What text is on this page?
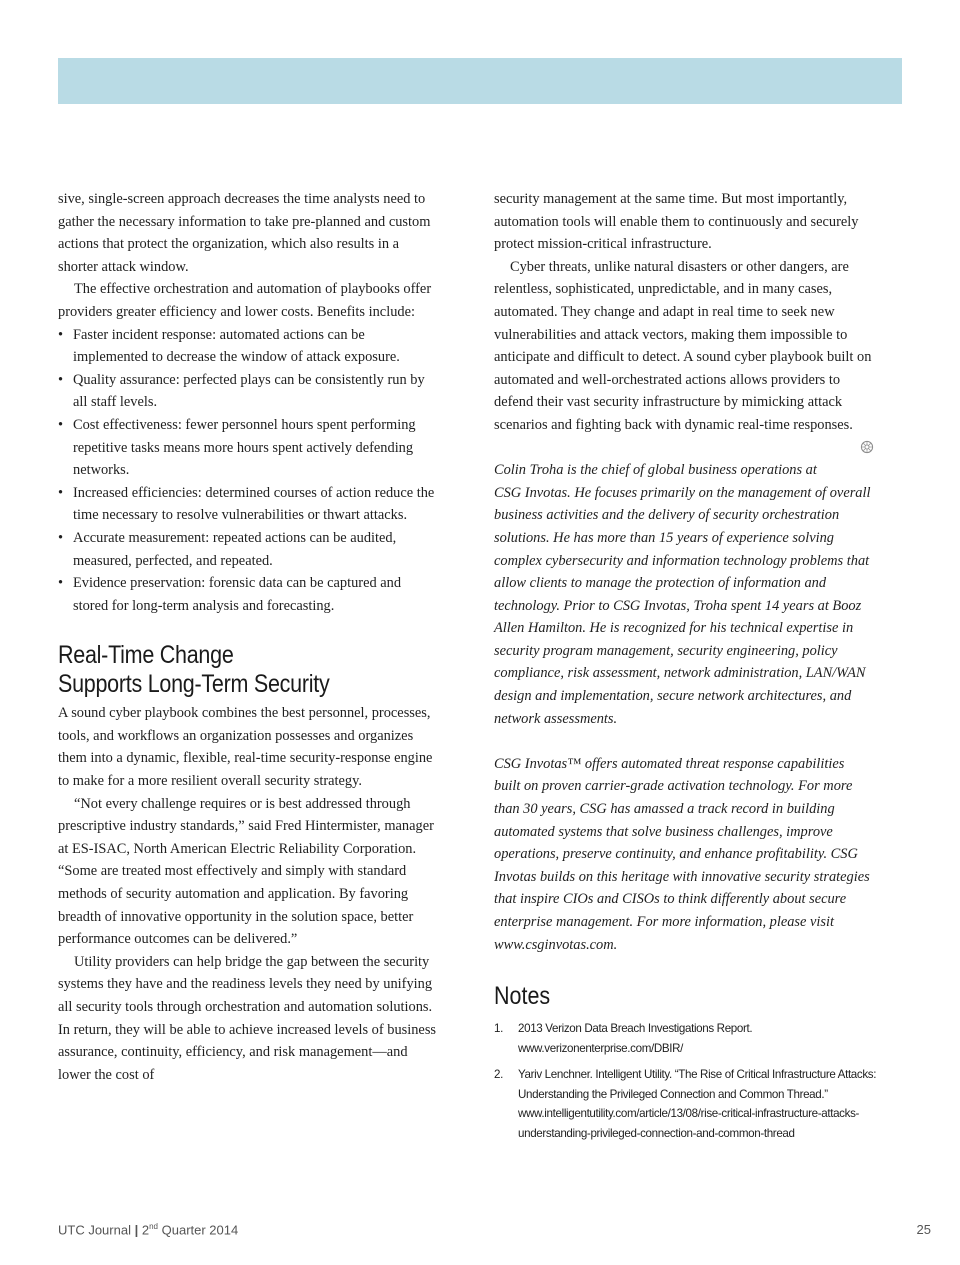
sive, single-screen approach decreases the time analysts need to gather the necessary information to take pre-planned and custom actions that protect the organization, which also results in a shorter attack window.

The effective orchestration and automation of playbooks offer providers greater efficiency and lower costs. Benefits include:

• Faster incident response: automated actions can be implemented to decrease the window of attack exposure.
• Quality assurance: perfected plays can be consistently run by all staff levels.
• Cost effectiveness: fewer personnel hours spent performing repetitive tasks means more hours spent actively defending networks.
• Increased efficiencies: determined courses of action reduce the time necessary to resolve vulnerabilities or thwart attacks.
• Accurate measurement: repeated actions can be audited, measured, perfected, and repeated.
• Evidence preservation: forensic data can be captured and stored for long-term analysis and forecasting.
Real-Time Change
Supports Long-Term Security

A sound cyber playbook combines the best personnel, processes, tools, and workflows an organization possesses and organizes them into a dynamic, flexible, real-time security-response engine to make for a more resilient overall security strategy.

“Not every challenge requires or is best addressed through prescriptive industry standards,” said Fred Hintermister, manager at ES-ISAC, North American Electric Reliability Corporation. “Some are treated most effectively and simply with standard methods of security automation and application. By favoring breadth of innovative opportunity in the solution space, better performance outcomes can be delivered.”

Utility providers can help bridge the gap between the security systems they have and the readiness levels they need by unifying all security tools through orchestration and automation solutions. In return, they will be able to achieve increased levels of business assurance, continuity, efficiency, and risk management—and lower the cost of

security management at the same time. But most importantly, automation tools will enable them to continuously and securely protect mission-critical infrastructure.

Cyber threats, unlike natural disasters or other dangers, are relentless, sophisticated, unpredictable, and in many cases, automated. They change and adapt in real time to seek new vulnerabilities and attack vectors, making them impossible to anticipate and difficult to detect. A sound cyber playbook built on automated and well-orchestrated actions allows providers to defend their vast security infrastructure by mimicking attack scenarios and fighting back with dynamic real-time responses.

Colin Troha is the chief of global business operations at CSG Invotas. He focuses primarily on the management of overall business activities and the delivery of security orchestration solutions. He has more than 15 years of experience solving complex cybersecurity and information technology problems that allow clients to manage the protection of information and technology. Prior to CSG Invotas, Troha spent 14 years at Booz Allen Hamilton. He is recognized for his technical expertise in security program management, security engineering, policy compliance, risk assessment, network administration, LAN/WAN design and implementation, secure network architectures, and network assessments.

CSG Invotas™ offers automated threat response capabilities built on proven carrier-grade activation technology. For more than 30 years, CSG has amassed a track record in building automated systems that solve business challenges, improve operations, preserve continuity, and enhance profitability. CSG Invotas builds on this heritage with innovative security strategies that inspire CIOs and CISOs to think differently about secure enterprise management. For more information, please visit www.csginvotas.com.

Notes
1. 2013 Verizon Data Breach Investigations Report. www.verizonenterprise.com/DBIR/
2. Yariv Lenchner. Intelligent Utility. “The Rise of Critical Infrastructure Attacks: Understanding the Privileged Connection and Common Thread.” www.intelligentutility.com/article/13/08/rise-critical-infrastructure-attacks-understanding-privileged-connection-and-common-thread
UTC Journal | 2nd Quarter 2014	25
